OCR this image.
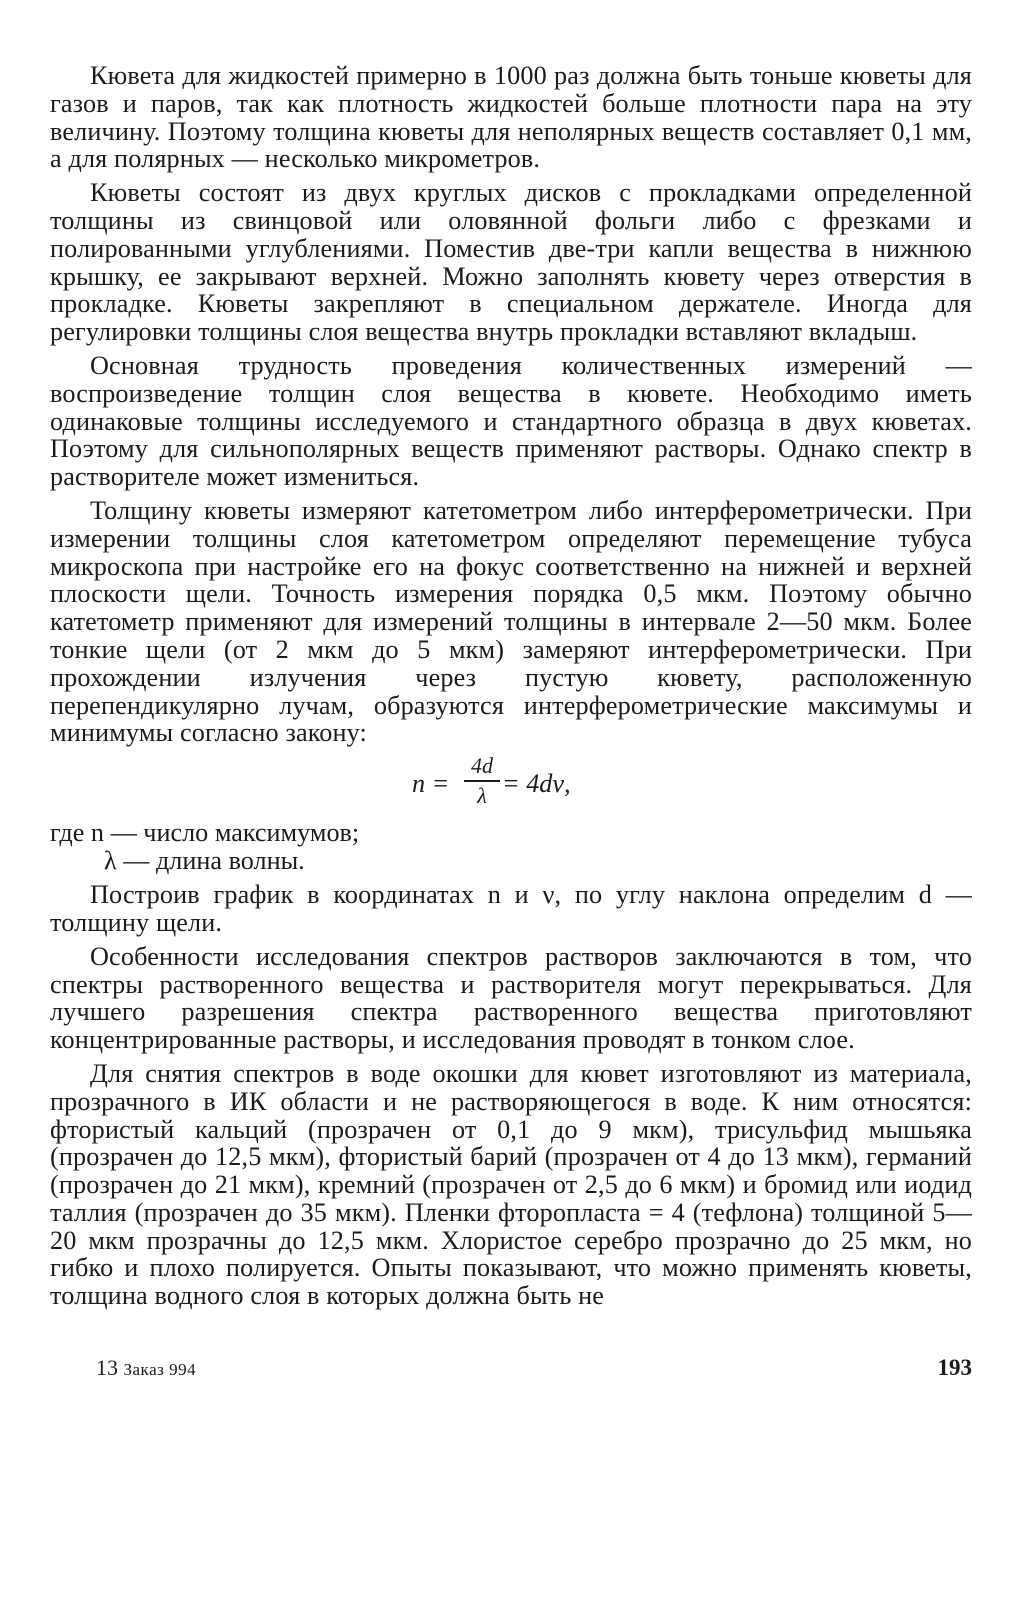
Кювета для жидкостей примерно в 1000 раз должна быть тоньше кюветы для газов и паров, так как плотность жидкостей больше плотности пара на эту величину. Поэтому толщина кюветы для неполярных веществ составляет 0,1 мм, а для полярных — несколько микрометров.

Кюветы состоят из двух круглых дисков с прокладками определенной толщины из свинцовой или оловянной фольги либо с фрезками и полированными углублениями. Поместив две-три капли вещества в нижнюю крышку, ее закрывают верхней. Можно заполнять кювету через отверстия в прокладке. Кюветы закрепляют в специальном держателе. Иногда для регулировки толщины слоя вещества внутрь прокладки вставляют вкладыш.

Основная трудность проведения количественных измерений — воспроизведение толщин слоя вещества в кювете. Необходимо иметь одинаковые толщины исследуемого и стандартного образца в двух кюветах. Поэтому для сильнополярных веществ применяют растворы. Однако спектр в растворителе может измениться.

Толщину кюветы измеряют катетометром либо интерферометрически. При измерении толщины слоя катетометром определяют перемещение тубуса микроскопа при настройке его на фокус соответственно на нижней и верхней плоскости щели. Точность измерения порядка 0,5 мкм. Поэтому обычно катетометр применяют для измерений толщины в интервале 2—50 мкм. Более тонкие щели (от 2 мкм до 5 мкм) замеряют интерферометрически. При прохождении излучения через пустую кювету, расположенную перепендикулярно лучам, образуются интерферометрические максимумы и минимумы согласно закону:

n =
4d
λ = 4dν,
где n — число максимумов;
λ — длина волны.

Построив график в координатах n и ν, по углу наклона определим d — толщину щели.

Особенности исследования спектров растворов заключаются в том, что спектры растворенного вещества и растворителя могут перекрываться. Для лучшего разрешения спектра растворенного вещества приготовляют концентрированные растворы, и исследования проводят в тонком слое.

Для снятия спектров в воде окошки для кювет изготовляют из материала, прозрачного в ИК области и не растворяющегося в воде. К ним относятся: фтористый кальций (прозрачен от 0,1 до 9 мкм), трисульфид мышьяка (прозрачен до 12,5 мкм), фтористый барий (прозрачен от 4 до 13 мкм), германий (прозрачен до 21 мкм), кремний (прозрачен от 2,5 до 6 мкм) и бромид или иодид таллия (прозрачен до 35 мкм). Пленки фторопласта = 4 (тефлона) толщиной 5—20 мкм прозрачны до 12,5 мкм. Хлористое серебро прозрачно до 25 мкм, но гибко и плохо полируется. Опыты показывают, что можно применять кюветы, толщина водного слоя в которых должна быть не

13 Заказ 994	193
